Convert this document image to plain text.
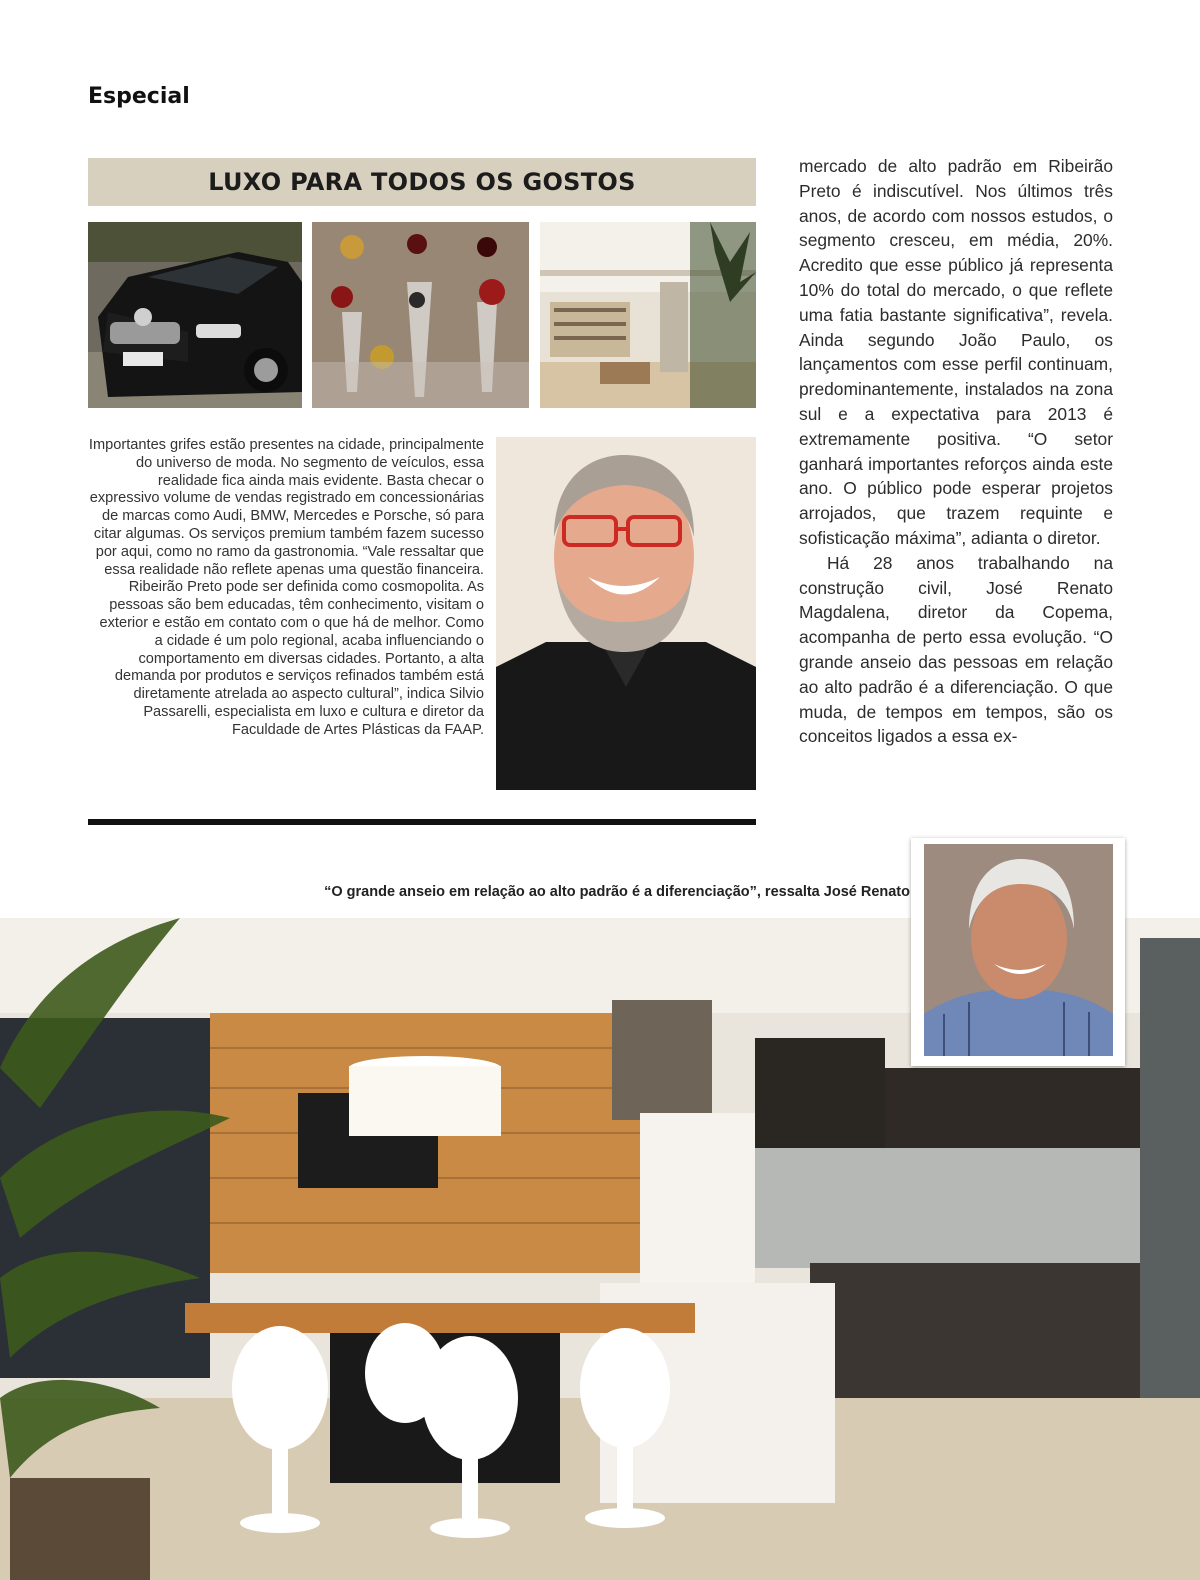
Especial
LUXO PARA TODOS OS GOSTOS
Importantes grifes estão presentes na cidade, principalmente do universo de moda. No segmento de veículos, essa realidade fica ainda mais evidente. Basta checar o expressivo volume de vendas registrado em concessionárias de marcas como Audi, BMW, Mercedes e Porsche, só para citar algumas. Os serviços premium também fazem sucesso por aqui, como no ramo da gastronomia. “Vale ressaltar que essa realidade não reflete apenas uma questão financeira. Ribeirão Preto pode ser definida como cosmopolita. As pessoas são bem educadas, têm conhecimento, visitam o exterior e estão em contato com o que há de melhor. Como a cidade é um polo regional, acaba influenciando o comportamento em diversas cidades. Portanto, a alta demanda por produtos e serviços refinados também está diretamente atrelada ao aspecto cultural”, indica Silvio Passarelli, especialista em luxo e cultura e diretor da Faculdade de Artes Plásticas da FAAP.

mercado de alto padrão em Ribeirão Preto é indiscutível. Nos últimos três anos, de acordo com nossos estudos, o segmento cresceu, em média, 20%. Acredito que esse público já representa 10% do total do mercado, o que reflete uma fatia bastante significativa”, revela. Ainda segundo João Paulo, os lançamentos com esse perfil continuam, predominantemente, instalados na zona sul e a expectativa para 2013 é extremamente positiva. “O setor ganhará importantes reforços ainda este ano. O público pode esperar projetos arrojados, que trazem requinte e sofisticação máxima”, adianta o diretor.

Há 28 anos trabalhando na construção civil, José Renato Magdalena, diretor da Copema, acompanha de perto essa evolução. “O grande anseio das pessoas em relação ao alto padrão é a diferenciação. O que muda, de tempos em tempos, são os conceitos ligados a essa ex-

“O grande anseio em relação ao alto padrão é a diferenciação”, ressalta José Renato
